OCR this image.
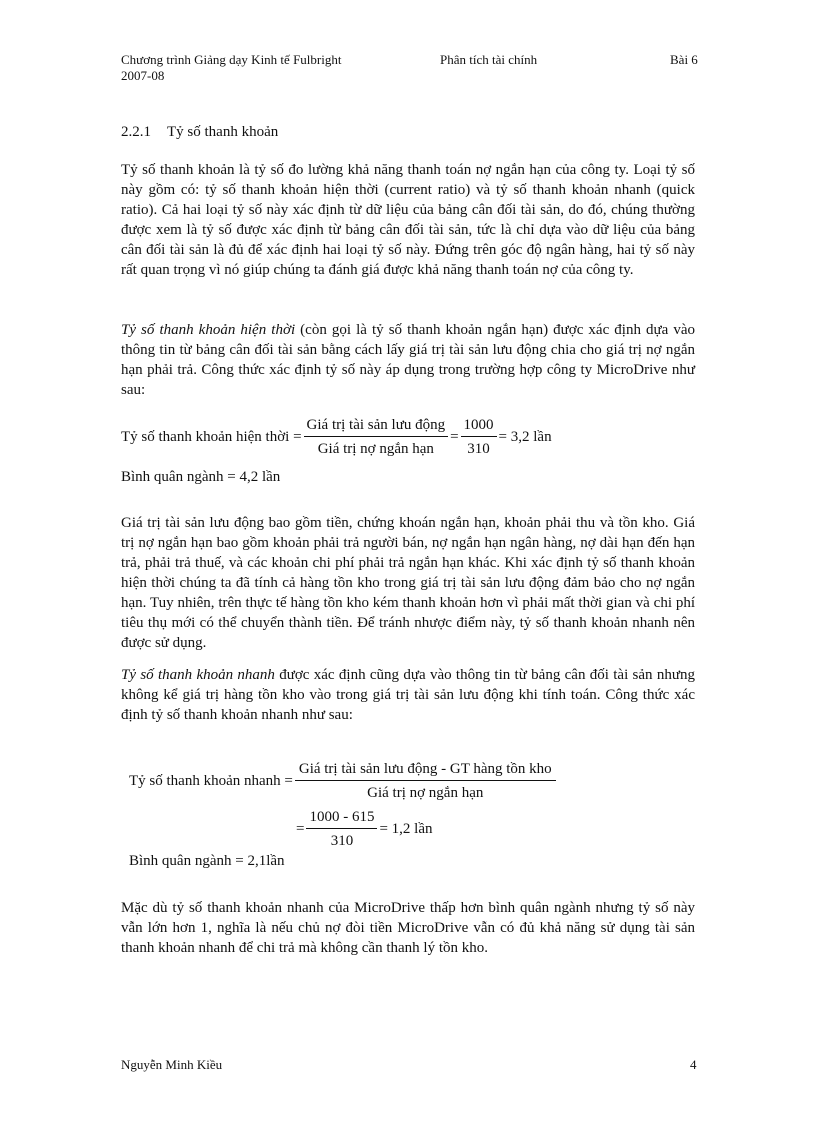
Chương trình Giảng dạy Kinh tế Fulbright
2007-08
Phân tích tài chính	Bài 6
2.2.1 Tỷ số thanh khoản

Tỷ số thanh khoản là tỷ số đo lường khả năng thanh toán nợ ngắn hạn của công ty. Loại tỷ số này gồm có: tỷ số thanh khoản hiện thời (current ratio) và tỷ số thanh khoản nhanh (quick ratio). Cả hai loại tỷ số này xác định từ dữ liệu của bảng cân đối tài sản, do đó, chúng thường được xem là tỷ số được xác định từ bảng cân đối tài sản, tức là chỉ dựa vào dữ liệu của bảng cân đối tài sản là đủ để xác định hai loại tỷ số này. Đứng trên góc độ ngân hàng, hai tỷ số này rất quan trọng vì nó giúp chúng ta đánh giá được khả năng thanh toán nợ của công ty.

Tỷ số thanh khoản hiện thời (còn gọi là tỷ số thanh khoản ngắn hạn) được xác định dựa vào thông tin từ bảng cân đối tài sản bằng cách lấy giá trị tài sản lưu động chia cho giá trị nợ ngắn hạn phải trả. Công thức xác định tỷ số này áp dụng trong trường hợp công ty MicroDrive như sau:

Tỷ số thanh khoản hiện thời = $\frac{\text{Giá trị tài sản lưu động}}{\text{Giá trị nợ ngắn hạn}} = \frac{1000}{310} = 3,2$ lần
Bình quân ngành = 4,2 lần

Giá trị tài sản lưu động bao gồm tiền, chứng khoán ngắn hạn, khoản phải thu và tồn kho. Giá trị nợ ngắn hạn bao gồm khoản phải trả người bán, nợ ngắn hạn ngân hàng, nợ dài hạn đến hạn trả, phải trả thuế, và các khoản chi phí phải trả ngắn hạn khác. Khi xác định tỷ số thanh khoản hiện thời chúng ta đã tính cả hàng tồn kho trong giá trị tài sản lưu động đảm bảo cho nợ ngắn hạn. Tuy nhiên, trên thực tế hàng tồn kho kém thanh khoản hơn vì phải mất thời gian và chi phí tiêu thụ mới có thể chuyển thành tiền. Để tránh nhược điểm này, tỷ số thanh khoản nhanh nên được sử dụng.

Tỷ số thanh khoản nhanh được xác định cũng dựa vào thông tin từ bảng cân đối tài sản nhưng không kể giá trị hàng tồn kho vào trong giá trị tài sản lưu động khi tính toán. Công thức xác định tỷ số thanh khoản nhanh như sau:

Tỷ số thanh khoản nhanh = $\frac{\text{Giá trị tài sản lưu động - GT hàng tồn kho}}{\text{Giá trị nợ ngắn hạn}}$
= $\frac{1000 - 615}{310} = 1,2$ lần
Bình quân ngành = 2,1lần

Mặc dù tỷ số thanh khoản nhanh của MicroDrive thấp hơn bình quân ngành nhưng tỷ số này vẫn lớn hơn 1, nghĩa là nếu chủ nợ đòi tiền MicroDrive vẫn có đủ khả năng sử dụng tài sản thanh khoản nhanh để chi trả mà không cần thanh lý tồn kho.

Nguyễn Minh Kiều	4
